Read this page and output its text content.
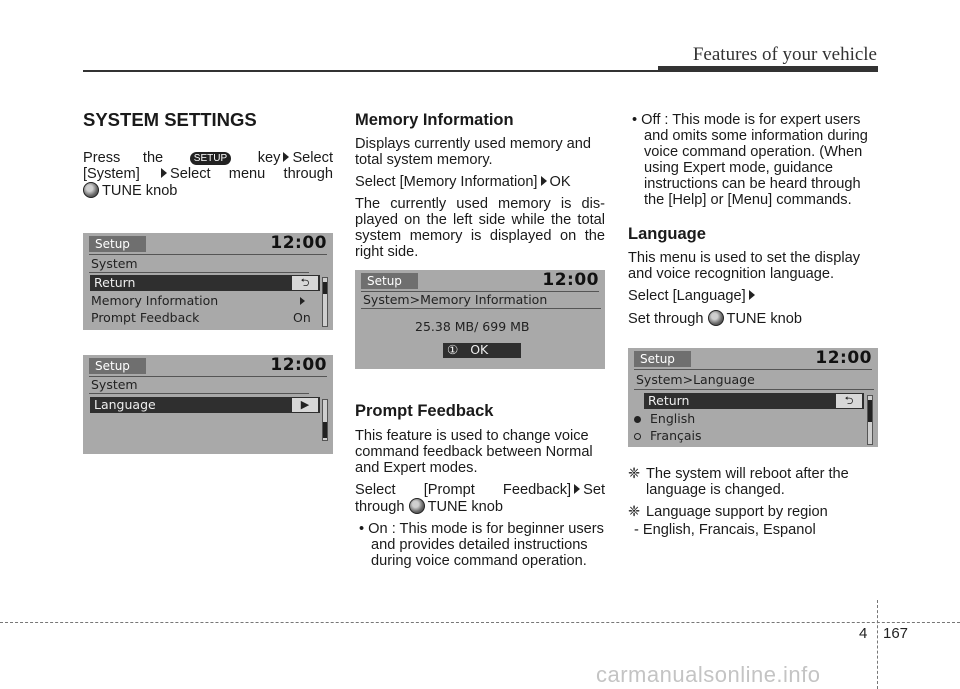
Features of your vehicle
SYSTEM SETTINGS
Press the	SETUP key Select
[System] Select menu through
TUNE knob
Setup	12:00
System
Return	⮌
Memory Information
Prompt Feedback	On
Setup	12:00
System
Language	▶
Memory Information

Displays currently used memory and total system memory.

Select [Memory Information] OK

The currently used memory is dis-played on the left side while the total system memory is displayed on the right side.

Setup	12:00
System>Memory Information
25.38 MB/ 699 MB
① OK
Prompt Feedback

This feature is used to change voice command feedback between Normal and Expert modes.

Select [Prompt Feedback] Set

through TUNE knob

• On : This mode is for beginner users and provides detailed instructions during voice command operation.

• Off : This mode is for expert users and omits some information during voice command operation. (When using Expert mode, guidance instructions can be heard through the [Help] or [Menu] commands.

Language

This menu is used to set the display and voice recognition language.

Select [Language]

Set through TUNE knob

Setup	12:00
System>Language
Return	⮌
English
Français

❈ The system will reboot after the language is changed.

❈ Language support by region
- English, Francais, Espanol
4 167
carmanualsonline.info
